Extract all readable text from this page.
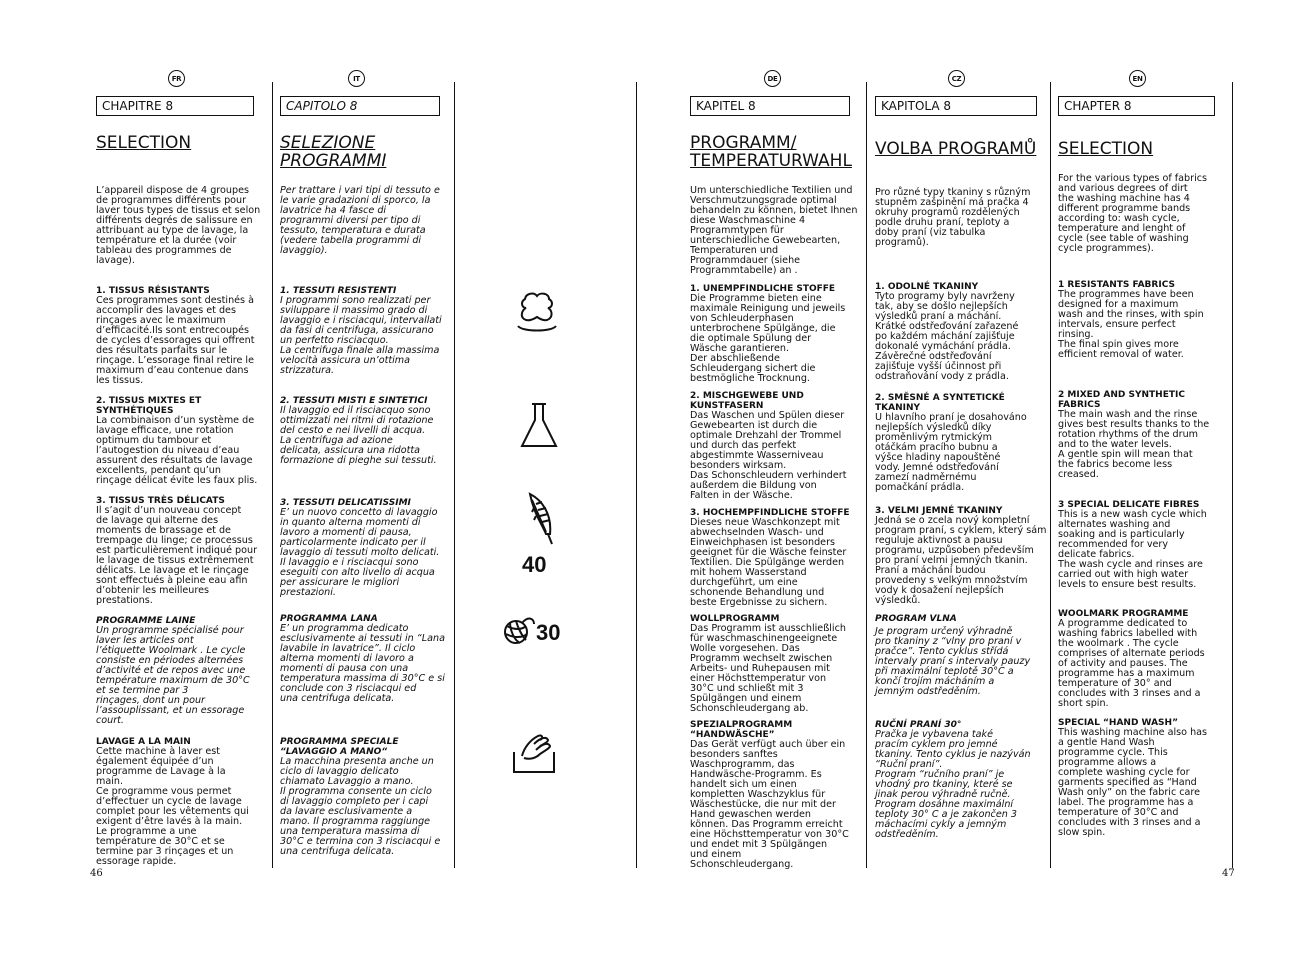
FR	IT	DE	CZ	EN
CHAPITRE 8
SELECTION
L’appareil dispose de 4 groupes
de programmes différents pour
laver tous types de tissus et selon
différents degrés de salissure en
attribuant au type de lavage, la
température et la durée (voir
tableau des programmes de
lavage).
1. TISSUS RÉSISTANTS
Ces programmes sont destinés à
accomplir des lavages et des
rinçages avec le maximum
d’efficacité.Ils sont entrecoupés
de cycles d’essorages qui offrent
des résultats parfaits sur le
rinçage. L’essorage final retire le
maximum d’eau contenue dans
les tissus.
2. TISSUS MIXTES ET SYNTHÉTIQUES
La combinaison d’un système de
lavage efficace, une rotation
optimum du tambour et
l’autogestion du niveau d’eau
assurent des résultats de lavage
excellents, pendant qu’un
rinçage délicat évite les faux plis.
3. TISSUS TRÈS DÉLICATS
Il s’agit d’un nouveau concept
de lavage qui alterne des
moments de brassage et de
trempage du linge; ce processus
est particulièrement indiqué pour
le lavage de tissus extrêmement
délicats. Le lavage et le rinçage
sont effectués à pleine eau afin
d’obtenir les meilleures prestations.
PROGRAMME LAINE
Un programme spécialisé pour
laver les articles ont
l’étiquette Woolmark . Le cycle
consiste en périodes alternées
d’activité et de repos avec une
température maximum de 30°C
et se termine par 3
rinçages, dont un pour
l’assouplissant, et un essorage
court.
LAVAGE A LA MAIN
Cette machine à laver est
également équipée d’un
programme de Lavage à la
main.
Ce programme vous permet
d’effectuer un cycle de lavage
complet pour les vêtements qui
exigent d’être lavés à la main.
Le programme a une
température de 30°C et se
termine par 3 rinçages et un
essorage rapide.
CAPITOLO 8
SELEZIONE
PROGRAMMI
Per trattare i vari tipi di tessuto e
le varie gradazioni di sporco, la
lavatrice ha 4 fasce di
programmi diversi per tipo di
tessuto, temperatura e durata
(vedere tabella programmi di
lavaggio).
1. TESSUTI RESISTENTI
I programmi sono realizzati per
sviluppare il massimo grado di
lavaggio e i risciacqui, intervallati
da fasi di centrifuga, assicurano
un perfetto risciacquo.
La centrifuga finale alla massima
velocità assicura un’ottima
strizzatura.
2. TESSUTI MISTI E SINTETICI
Il lavaggio ed il risciacquo sono
ottimizzati nei ritmi di rotazione
del cesto e nei livelli di acqua.
La centrifuga ad azione
delicata, assicura una ridotta
formazione di pieghe sui tessuti.
3. TESSUTI DELICATISSIMI
E’ un nuovo concetto di lavaggio
in quanto alterna momenti di
lavoro a momenti di pausa,
particolarmente indicato per il
lavaggio di tessuti molto delicati.
Il lavaggio e i risciacqui sono
eseguiti con alto livello di acqua
per assicurare le migliori
prestazioni.
PROGRAMMA LANA
E’ un programma dedicato
esclusivamente ai tessuti in “Lana
lavabile in lavatrice”. Il ciclo
alterna momenti di lavoro a
momenti di pausa con una
temperatura massima di 30°C e si
conclude con 3 risciacqui ed
una centrifuga delicata.
PROGRAMMA SPECIALE
“LAVAGGIO A MANO“
La macchina presenta anche un
ciclo di lavaggio delicato
chiamato Lavaggio a mano.
Il programma consente un ciclo
di lavaggio completo per i capi
da lavare esclusivamente a
mano. Il programma raggiunge
una temperatura massima di
30°C e termina con 3 risciacqui e
una centrifuga delicata.
40
30
KAPITEL 8
PROGRAMM/
TEMPERATURWAHL
Um unterschiedliche Textilien und
Verschmutzungsgrade optimal
behandeln zu können, bietet Ihnen
diese Waschmaschine 4
Programmtypen für
unterschiedliche Gewebearten,
Temperaturen und
Programmdauer (siehe
Programmtabelle) an .
1. UNEMPFINDLICHE STOFFE
Die Programme bieten eine
maximale Reinigung und jeweils
von Schleuderphasen
unterbrochene Spülgänge, die
die optimale Spülung der
Wäsche garantieren.
Der abschließende
Schleudergang sichert die
bestmögliche Trocknung.
2. MISCHGEWEBE UND
KUNSTFASERN
Das Waschen und Spülen dieser
Gewebearten ist durch die
optimale Drehzahl der Trommel
und durch das perfekt
abgestimmte Wasserniveau
besonders wirksam.
Das Schonschleudern verhindert
außerdem die Bildung von
Falten in der Wäsche.
3. HOCHEMPFINDLICHE STOFFE
Dieses neue Waschkonzept mit
abwechselnden Wasch- und
Einweichphasen ist besonders
geeignet für die Wäsche feinster
Textilien. Die Spülgänge werden
mit hohem Wasserstand
durchgeführt, um eine
schonende Behandlung und
beste Ergebnisse zu sichern.
WOLLPROGRAMM
Das Programm ist ausschließlich
für waschmaschinengeeignete
Wolle vorgesehen. Das
Programm wechselt zwischen
Arbeits- und Ruhepausen mit
einer Höchsttemperatur von
30°C und schließt mit 3
Spülgängen und einem
Schonschleudergang ab.
SPEZIALPROGRAMM
“HANDWÄSCHE”
Das Gerät verfügt auch über ein
besonders sanftes
Waschprogramm, das
Handwäsche-Programm. Es
handelt sich um einen
kompletten Waschzyklus für
Wäschestücke, die nur mit der
Hand gewaschen werden
können. Das Programm erreicht
eine Höchsttemperatur von 30°C
und endet mit 3 Spülgängen
und einem
Schonschleudergang.
KAPITOLA 8
VOLBA PROGRAMŮ
Pro různé typy tkaniny s různým
stupněm zašpinění má pračka 4
okruhy programů rozdělených
podle druhu praní, teploty a
doby praní (viz tabulka
programů).
1. ODOLNÉ TKANINY
Tyto programy byly navrženy
tak, aby se došlo nejlepších
výsledků praní a máchání.
Krátké odstřeďování zařazené
po každém máchání zajišťuje
dokonalé vymáchání prádla.
Závěrečné odstřeďování
zajišťuje vyšší účinnost při
odstraňování vody z prádla.
2. SMĚSNÉ A SYNTETICKÉ
TKANINY
U hlavního praní je dosahováno
nejlepších výsledků díky
proměnlivým rytmickým
otáčkám pracího bubnu a
výšce hladiny napouštěné
vody. Jemné odstřeďování
zamezí nadměrnému
pomačkání prádla.
3. VELMI JEMNÉ TKANINY
Jedná se o zcela nový kompletní
program praní, s cyklem, který sám
reguluje aktivnost a pausu
programu, uzpůsoben především
pro praní velmi jemných tkanin.
Praní a máchání budou
provedeny s velkým množstvím
vody k dosažení nejlepších
výsledků.
PROGRAM VLNA
Je program určený výhradně
pro tkaniny z “vlny pro praní v
pračce”. Tento cyklus střídá
intervaly praní s intervaly pauzy
při maximální teplotě 30°C a
končí trojím mácháním a
jemným odstředěním.
RUČNÍ PRANÍ 30°
Pračka je vybavena také
pracím cyklem pro jemné
tkaniny. Tento cyklus je nazýván
“Ruční praní”.
Program “ručního praní” je
vhodný pro tkaniny, které se
jinak perou výhradně ručně.
Program dosáhne maximální
teploty 30° C a je zakončen 3
máchacími cykly a jemným
odstředěním.
CHAPTER 8
SELECTION
For the various types of fabrics
and various degrees of dirt
the washing machine has 4
different programme bands
according to: wash cycle,
temperature and lenght of
cycle (see table of washing
cycle programmes).
1 RESISTANTS FABRICS
The programmes have been
designed for a maximum
wash and the rinses, with spin
intervals, ensure perfect
rinsing.
The final spin gives more
efficient removal of water.
2 MIXED AND SYNTHETIC
FABRICS
The main wash and the rinse
gives best results thanks to the
rotation rhythms of the drum
and to the water levels.
A gentle spin will mean that
the fabrics become less
creased.
3 SPECIAL DELICATE FIBRES
This is a new wash cycle which
alternates washing and
soaking and is particularly
recommended for very
delicate fabrics.
The wash cycle and rinses are
carried out with high water
levels to ensure best results.
WOOLMARK PROGRAMME
A programme dedicated to
washing fabrics labelled with
the woolmark . The cycle
comprises of alternate periods
of activity and pauses. The
programme has a maximum
temperature of 30° and
concludes with 3 rinses and a
short spin.
SPECIAL “HAND WASH”
This washing machine also has
a gentle Hand Wash
programme cycle. This
programme allows a
complete washing cycle for
garments specified as “Hand
Wash only” on the fabric care
label. The programme has a
temperature of 30°C and
concludes with 3 rinses and a
slow spin.
46	47
